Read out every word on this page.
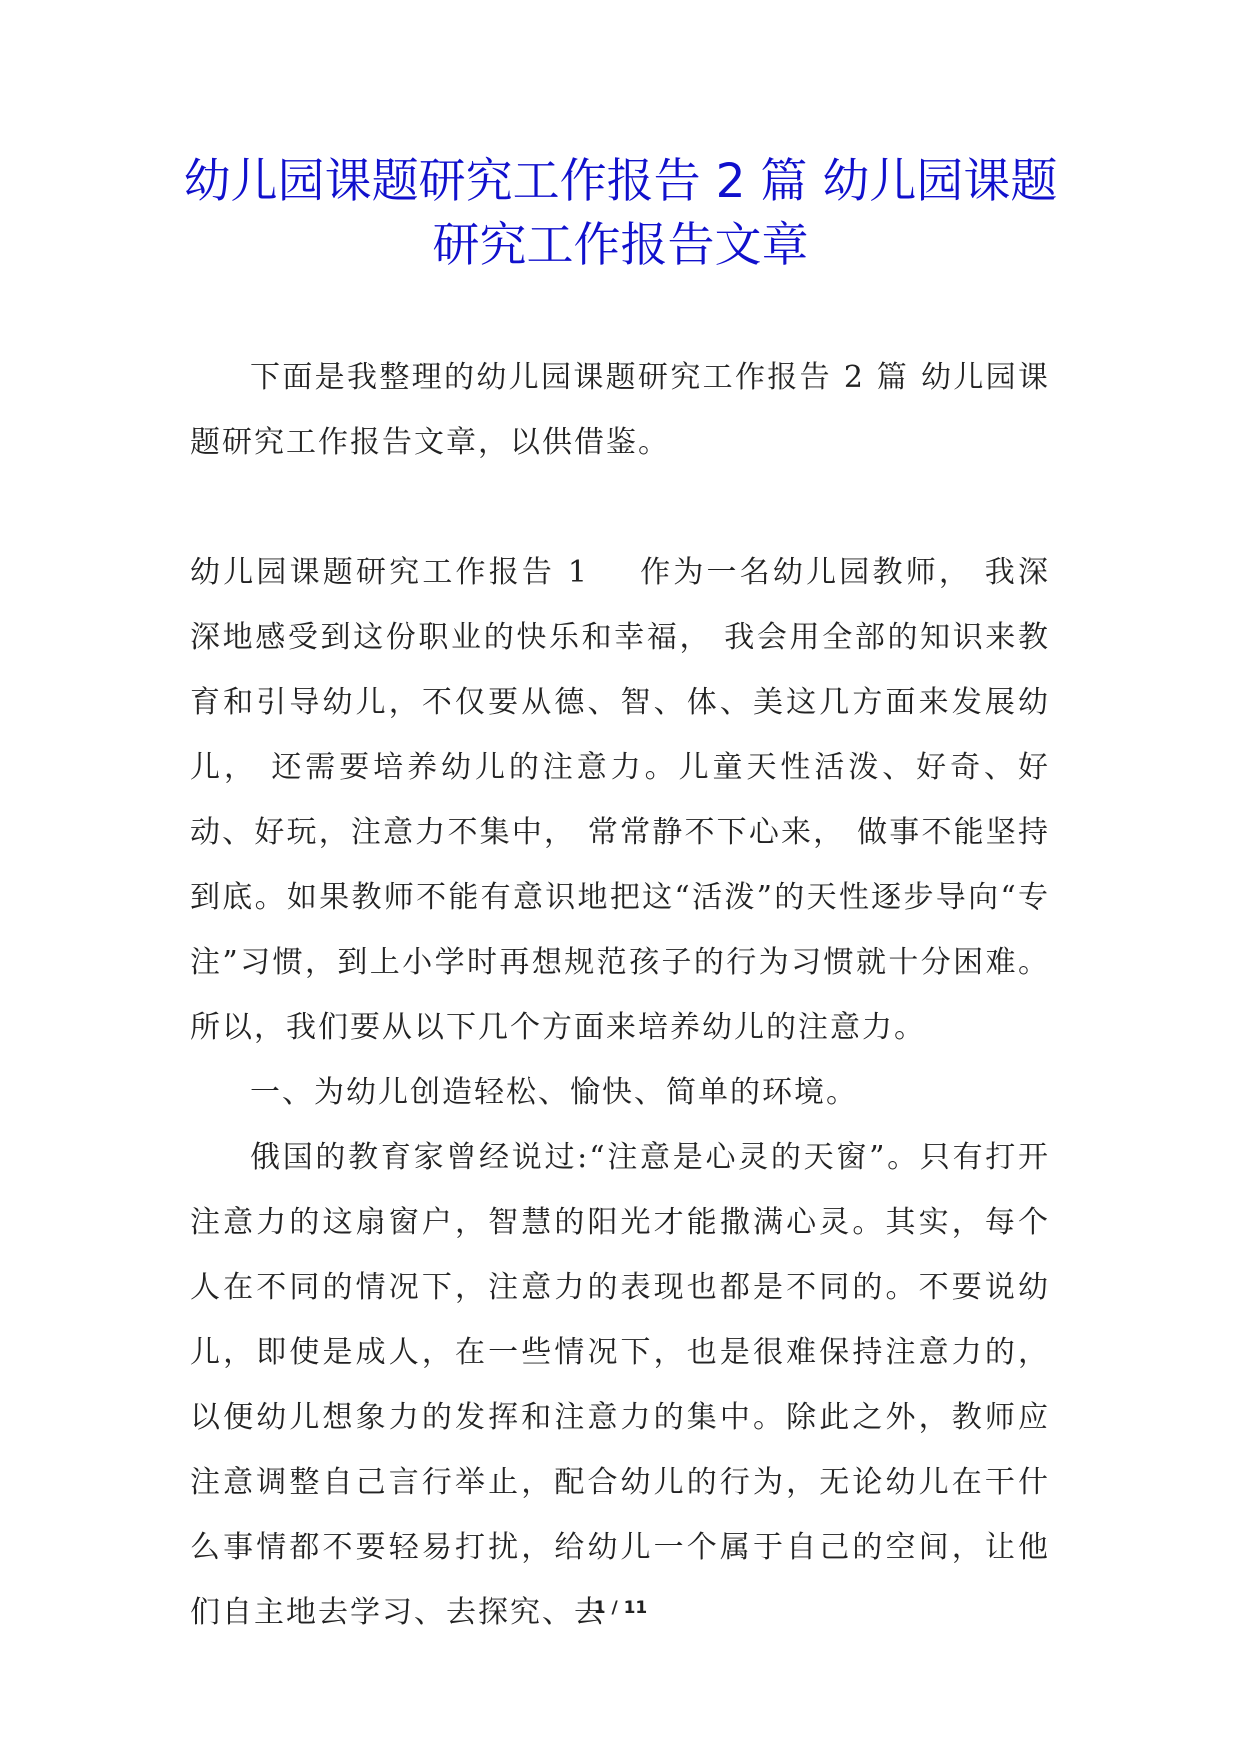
幼儿园课题研究工作报告 2 篇 幼儿园课题
研究工作报告文章

下面是我整理的幼儿园课题研究工作报告 2 篇 幼儿园课题研究工作报告文章，以供借鉴。

幼儿园课题研究工作报告 1 作为一名幼儿园教师， 我深深地感受到这份职业的快乐和幸福， 我会用全部的知识来教育和引导幼儿，不仅要从德、智、体、美这几方面来发展幼儿， 还需要培养幼儿的注意力。儿童天性活泼、好奇、好动、好玩，注意力不集中， 常常静不下心来， 做事不能坚持到底。如果教师不能有意识地把这“活泼”的天性逐步导向“专注”习惯，到上小学时再想规范孩子的行为习惯就十分困难。所以，我们要从以下几个方面来培养幼儿的注意力。
一、为幼儿创造轻松、愉快、简单的环境。
俄国的教育家曾经说过:“注意是心灵的天窗”。只有打开注意力的这扇窗户，智慧的阳光才能撒满心灵。其实，每个人在不同的情况下，注意力的表现也都是不同的。不要说幼儿，即使是成人，在一些情况下，也是很难保持注意力的，以便幼儿想象力的发挥和注意力的集中。除此之外，教师应注意调整自己言行举止，配合幼儿的行为，无论幼儿在干什么事情都不要轻易打扰，给幼儿一个属于自己的空间，让他们自主地去学习、去探究、去
1 / 11
